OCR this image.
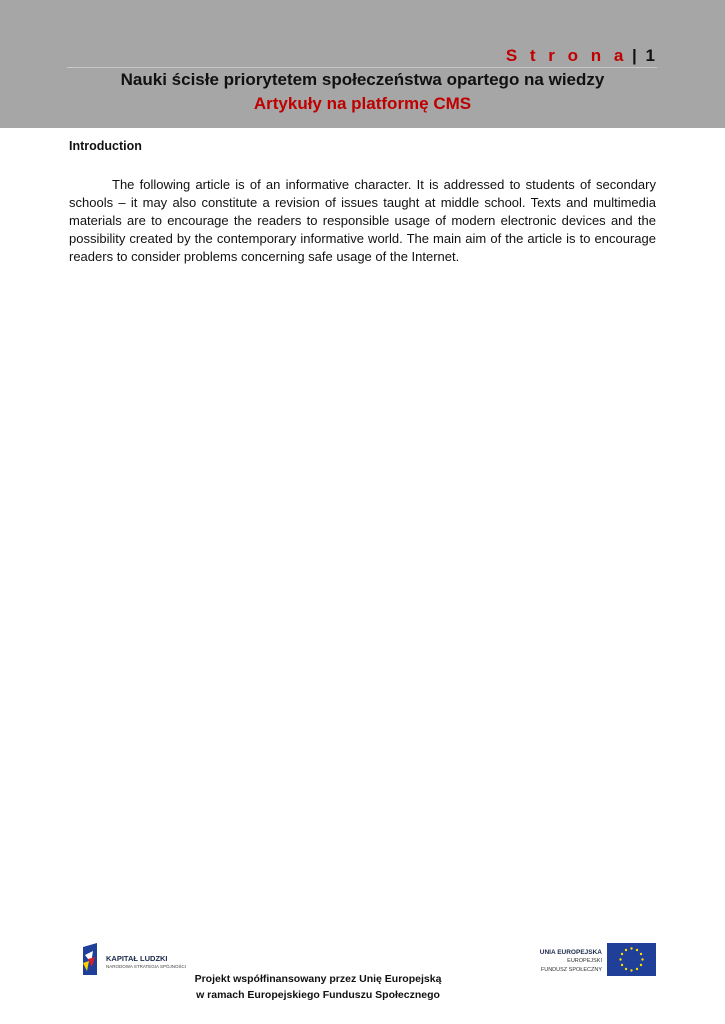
S t r o n a | 1
Nauki ścisłe priorytetem społeczeństwa opartego na wiedzy
Artykuły na platformę CMS
Introduction
The following article is of an informative character. It is addressed to students of secondary schools – it may also constitute a revision of issues taught at middle school. Texts and multimedia materials are to encourage the readers to responsible usage of modern electronic devices and the possibility created by the contemporary informative world. The main aim of the article is to encourage readers to consider problems concerning safe usage of the Internet.
KAPITAŁ LUDZKI
NARODOWA STRATEGIA SPÓJNOŚCI
UNIA EUROPEJSKA
EUROPEJSKI
FUNDUSZ SPOŁECZNY
Projekt współfinansowany przez Unię Europejską
w ramach Europejskiego Funduszu Społecznego
